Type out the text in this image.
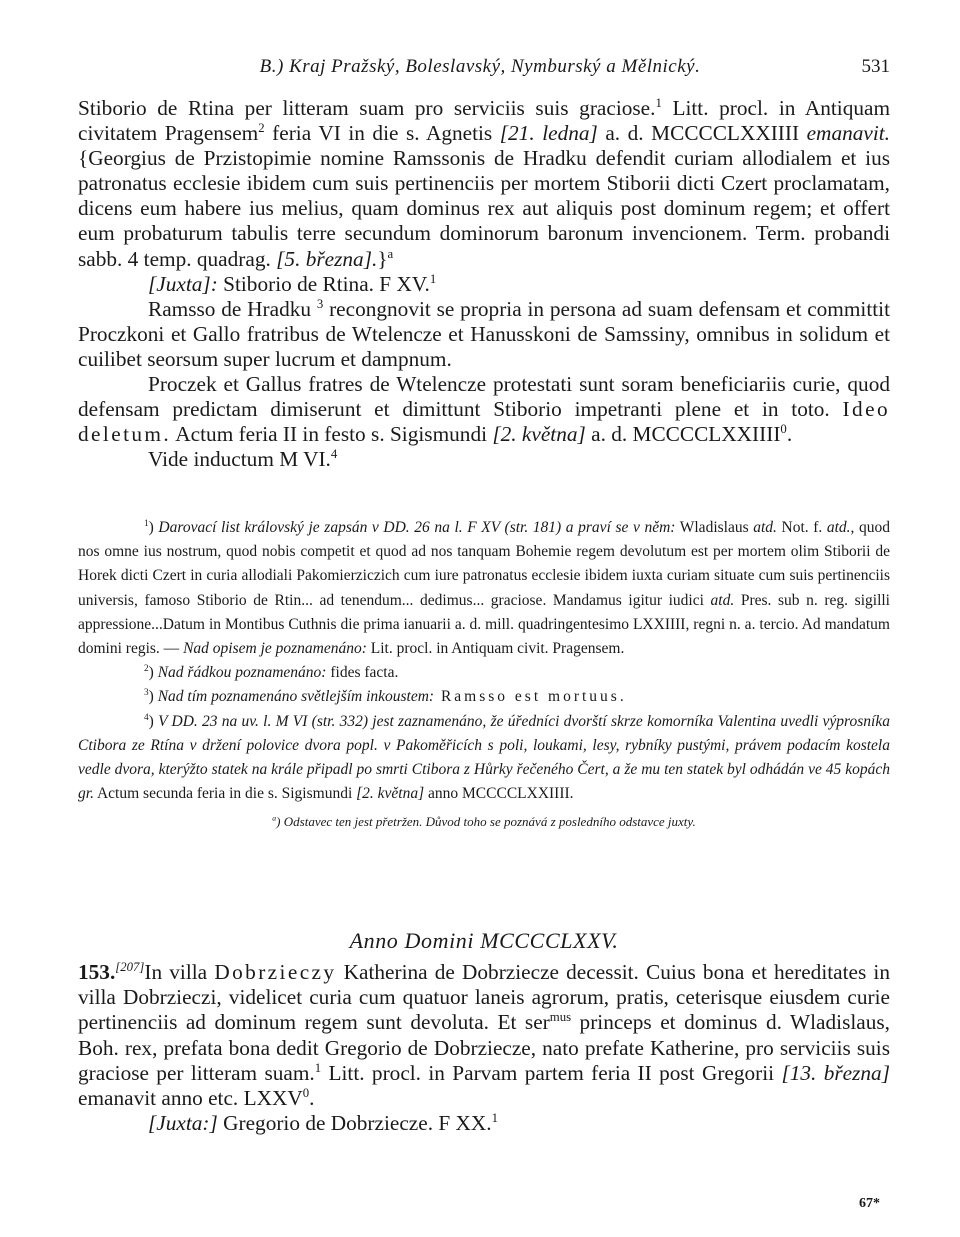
B.) Kraj Pražský, Boleslavský, Nymburský a Mělnický.	531

Stiborio de Rtina per litteram suam pro serviciis suis graciose.$^1$ Litt. procl. in Antiquam civitatem Pragensem$^2$ feria VI in die s. Agnetis [21. ledna] a. d. MCCCCLXXIIII emanavit. {Georgius de Przistopimie nomine Ramssonis de Hradku defendit curiam allodialem et ius patronatus ecclesie ibidem cum suis pertinenciis per mortem Stiborii dicti Czert proclamatam, dicens eum habere ius melius, quam dominus rex aut aliquis post dominum regem; et offert eum probaturum tabulis terre secundum dominorum baronum invencionem. Term. probandi sabb. 4 temp. quadrag. [5. března].}$^a$

[Juxta]: Stiborio de Rtina. F XV.$^1$

Ramsso de Hradku $^3$ recongnovit se propria in persona ad suam defensam et committit Proczkoni et Gallo fratribus de Wtelencze et Hanusskoni de Samssiny, omnibus in solidum et cuilibet seorsum super lucrum et dampnum.

Proczek et Gallus fratres de Wtelencze protestati sunt soram beneficiariis curie, quod defensam predictam dimiserunt et dimittunt Stiborio impetranti plene et in toto. Ideo deletum. Actum feria II in festo s. Sigismundi [2. května] a. d. MCCCCLXXIIII$^0$.

Vide inductum M VI.$^4$

$^1$) Darovací list královský je zapsán v DD. 26 na l. F XV (str. 181) a praví se v něm: Wladislaus atd. Not. f. atd., quod nos omne ius nostrum, quod nobis competit et quod ad nos tanquam Bohemie regem devolutum est per mortem olim Stiborii de Horek dicti Czert in curia allodiali Pakomierziczich cum iure patronatus ecclesie ibidem iuxta curiam situate cum suis pertinenciis universis, famoso Stiborio de Rtin... ad tenendum... dedimus... graciose. Mandamus igitur iudici atd. Pres. sub n. reg. sigilli appressione...Datum in Montibus Cuthnis die prima ianuarii a. d. mill. quadringentesimo LXXIIII, regni n. a. tercio. Ad mandatum domini regis. — Nad opisem je poznamenáno: Lit. procl. in Antiquam civit. Pragensem.

$^2$) Nad řádkou poznamenáno: fides facta.

$^3$) Nad tím poznamenáno světlejším inkoustem: Ramsso est mortuus.

$^4$) V DD. 23 na uv. l. M VI (str. 332) jest zaznamenáno, že úředníci dvorští skrze komorníka Valentina uvedli výprosníka Ctibora ze Rtína v držení polovice dvora popl. v Pakoměřicích s poli, loukami, lesy, rybníky pustými, právem podacím kostela vedle dvora, kterýžto statek na krále připadl po smrti Ctibora z Hůrky řečeného Čert, a že mu ten statek byl odhádán ve 45 kopách gr. Actum secunda feria in die s. Sigismundi [2. května] anno MCCCCLXXIIII.

$^a$) Odstavec ten jest přetržen. Důvod toho se poznává z posledního odstavce juxty.

Anno Domini MCCCCLXXV.

153.[207]In villa Dobrzieczy Katherina de Dobrziecze decessit. Cuius bona et hereditates in villa Dobrzieczi, videlicet curia cum quatuor laneis agrorum, pratis, ceterisque eiusdem curie pertinenciis ad dominum regem sunt devoluta. Et ser$^{mus}$ princeps et dominus d. Wladislaus, Boh. rex, prefata bona dedit Gregorio de Dobrziecze, nato prefate Katherine, pro serviciis suis graciose per litteram suam.$^1$ Litt. procl. in Parvam partem feria II post Gregorii [13. března] emanavit anno etc. LXXV$^0$.

[Juxta:] Gregorio de Dobrziecze. F XX.$^1$

67*
